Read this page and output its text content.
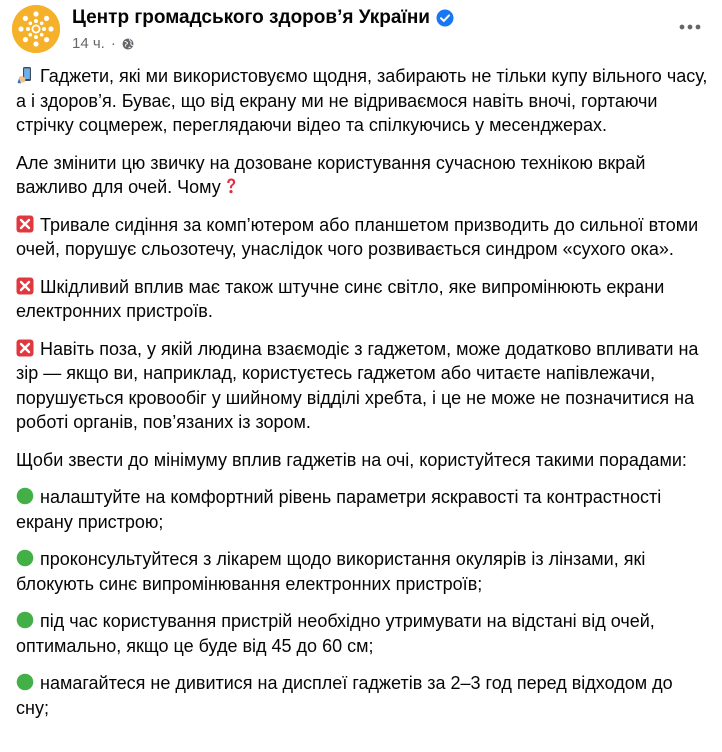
Центр громадського здоров’я України
14 ч. ·

Гаджети, які ми використовуємо щодня, забирають не тільки купу вільного часу, а і здоров’я. Буває, що від екрану ми не відриваємося навіть вночі, гортаючи стрічку соцмереж, переглядаючи відео та спілкуючись у месенджерах.

Але змінити цю звичку на дозоване користування сучасною технікою вкрай важливо для очей. Чому

Тривале сидіння за комп’ютером або планшетом призводить до сильної втоми очей, порушує сльозотечу, унаслідок чого розвивається синдром «сухого ока».

Шкідливий вплив має також штучне синє світло, яке випромінюють екрани електронних пристроїв.

Навіть поза, у якій людина взаємодіє з гаджетом, може додатково впливати на зір — якщо ви, наприклад, користуєтесь гаджетом або читаєте напівлежачи, порушується кровообіг у шийному відділі хребта, і це не може не позначитися на роботі органів, пов’язаних із зором.

Щоби звести до мінімуму вплив гаджетів на очі, користуйтеся такими порадами:

налаштуйте на комфортний рівень параметри яскравості та контрастності екрану пристрою;

проконсультуйтеся з лікарем щодо використання окулярів із лінзами, які блокують синє випромінювання електронних пристроїв;

під час користування пристрій необхідно утримувати на відстані від очей, оптимально, якщо це буде від 45 до 60 см;

намагайтеся не дивитися на дисплеї гаджетів за 2–3 год перед відходом до сну;
